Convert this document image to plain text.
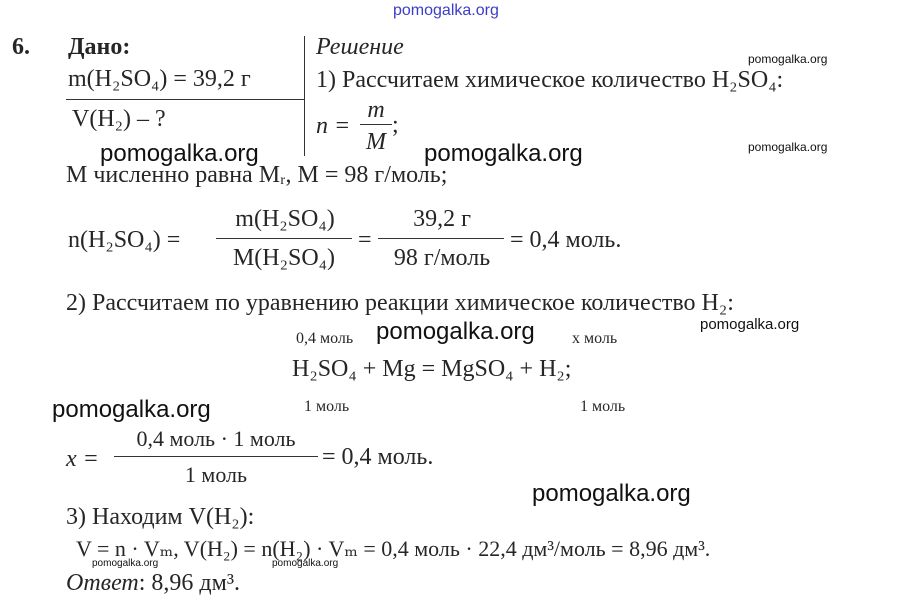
pomogalka.org
6. Дано:
m(H₂SO₄) = 39,2 г
V(H₂) – ?
Решение
1) Рассчитаем химическое количество H₂SO₄:
n =
m
M
;
M численно равна Mᵣ, M = 98 г/моль;
n(H₂SO₄) =
m(H₂SO₄)
M(H₂SO₄)
=
39,2 г
98 г/моль
= 0,4 моль.
2) Рассчитаем по уравнению реакции химическое количество H₂:
0,4 моль	x моль
H₂SO₄ + Mg = MgSO₄ + H₂;
1 моль	1 моль
x =
0,4 моль · 1 моль
1 моль
= 0,4 моль.
3) Находим V(H₂):
V = n · Vₘ, V(H₂) = n(H₂) · Vₘ = 0,4 моль · 22,4 дм³/моль = 8,96 дм³.
Ответ: 8,96 дм³.
pomogalka.org	pomogalka.org
pomogalka.org
pomogalka.org
pomogalka.org
pomogalka.org
pomogalka.org
pomogalka.org
pomogalka.org	pomogalka.org
